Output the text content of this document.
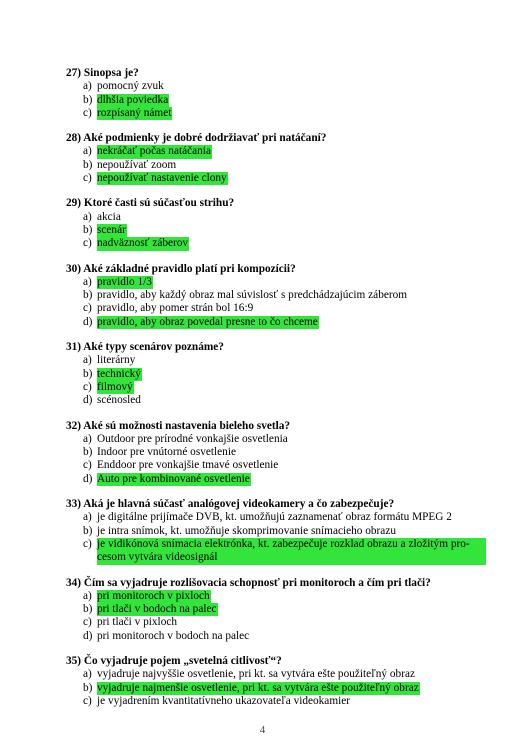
27) Sinopsa je?
a) pomocný zvuk
b) dlhšia poviedka
c) rozpísaný námet
28) Aké podmienky je dobré dodržiavať pri natáčaní?
a) nekráčať počas natáčania
b) nepoužívať zoom
c) nepoužívať nastavenie clony
29) Ktoré časti sú súčasťou strihu?
a) akcia
b) scenár
c) nadväznosť záberov
30) Aké základné pravidlo platí pri kompozícii?
a) pravidlo 1/3
b) pravidlo, aby každý obraz mal súvislosť s predchádzajúcim záberom
c) pravidlo, aby pomer strán bol 16:9
d) pravidlo, aby obraz povedal presne to čo chceme
31) Aké typy scenárov poznáme?
a) literárny
b) technický
c) filmový
d) scénosled
32) Aké sú možnosti nastavenia bieleho svetla?
a) Outdoor pre prírodné vonkajšie osvetlenia
b) Indoor pre vnútorné osvetlenie
c) Enddoor pre vonkajšie tmavé osvetlenie
d) Auto pre kombinované osvetlenie
33) Aká je hlavná súčasť analógovej videokamery a čo zabezpečuje?
a) je digitálne prijímače DVB, kt. umožňujú zaznamenať obraz formátu MPEG 2
b) je intra snímok, kt. umožňuje skomprimovanie snímacieho obrazu
c) je vidikónová snímacia elektrónka, kt. zabezpečuje rozklad obrazu a zložitým pro-cesom vytvára videosignál
34) Čím sa vyjadruje rozlišovacia schopnosť pri monitoroch a čím pri tlači?
a) pri monitoroch v pixloch
b) pri tlači v bodoch na palec
c) pri tlači v pixloch
d) pri monitoroch v bodoch na palec
35) Čo vyjadruje pojem „svetelná citlivosť“?
a) vyjadruje najvyššie osvetlenie, pri kt. sa vytvára ešte použiteľný obraz
b) vyjadruje najmenšie osvetlenie, pri kt. sa vytvára ešte použiteľný obraz
c) je vyjadrením kvantitatívneho ukazovateľa videokamier
4
